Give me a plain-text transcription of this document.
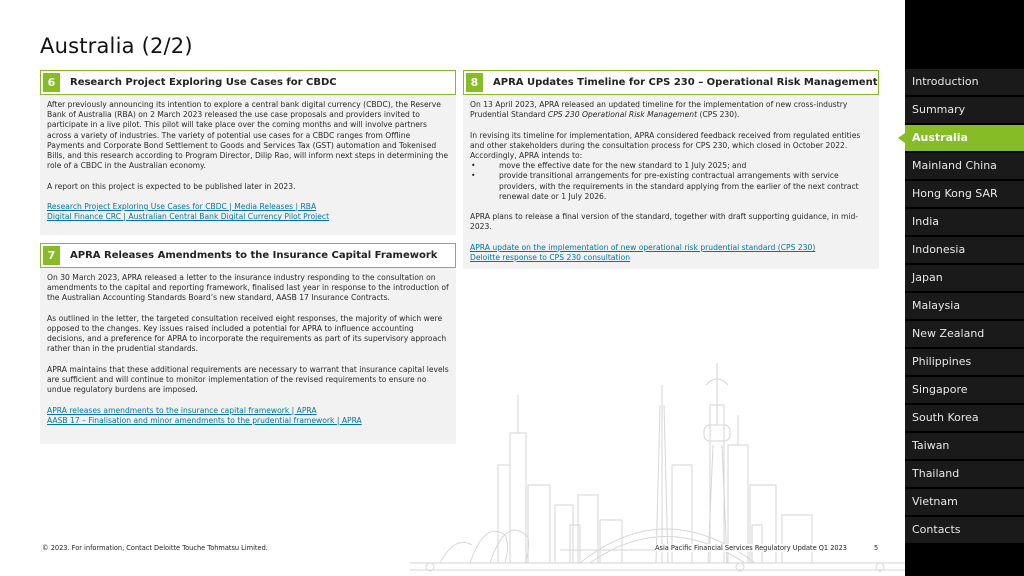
Australia (2/2)
Introduction
Summary
Australia
Mainland China
Hong Kong SAR
India
Indonesia
Japan
Malaysia
New Zealand
Philippines
Singapore
South Korea
Taiwan
Thailand
Vietnam
Contacts
6	Research Project Exploring Use Cases for CBDC

After previously announcing its intention to explore a central bank digital currency (CBDC), the Reserve Bank of Australia (RBA) on 2 March 2023 released the use case proposals and providers invited to participate in a live pilot. This pilot will take place over the coming months and will involve partners across a variety of industries. The variety of potential use cases for a CBDC ranges from Offline Payments and Corporate Bond Settlement to Goods and Services Tax (GST) automation and Tokenised Bills, and this research according to Program Director, Dilip Rao, will inform next steps in determining the role of a CBDC in the Australian economy.

A report on this project is expected to be published later in 2023.

Research Project Exploring Use Cases for CBDC | Media Releases | RBA
Digital Finance CRC | Australian Central Bank Digital Currency Pilot Project
7	APRA Releases Amendments to the Insurance Capital Framework

On 30 March 2023, APRA released a letter to the insurance industry responding to the consultation on amendments to the capital and reporting framework, finalised last year in response to the introduction of the Australian Accounting Standards Board’s new standard, AASB 17 Insurance Contracts.

As outlined in the letter, the targeted consultation received eight responses, the majority of which were opposed to the changes. Key issues raised included a potential for APRA to influence accounting decisions, and a preference for APRA to incorporate the requirements as part of its supervisory approach rather than in the prudential standards.

APRA maintains that these additional requirements are necessary to warrant that insurance capital levels are sufficient and will continue to monitor implementation of the revised requirements to ensure no undue regulatory burdens are imposed.

APRA releases amendments to the insurance capital framework | APRA
AASB 17 – Finalisation and minor amendments to the prudential framework | APRA
8	APRA Updates Timeline for CPS 230 – Operational Risk Management

On 13 April 2023, APRA released an updated timeline for the implementation of new cross-industry Prudential Standard CPS 230 Operational Risk Management (CPS 230).

In revising its timeline for implementation, APRA considered feedback received from regulated entities and other stakeholders during the consultation process for CPS 230, which closed in October 2022. Accordingly, APRA intends to:

• move the effective date for the new standard to 1 July 2025; and
• provide transitional arrangements for pre-existing contractual arrangements with service providers, with the requirements in the standard applying from the earlier of the next contract renewal date or 1 July 2026.

APRA plans to release a final version of the standard, together with draft supporting guidance, in mid-2023.

APRA update on the implementation of new operational risk prudential standard (CPS 230)
Deloitte response to CPS 230 consultation
© 2023. For information, Contact Deloitte Touche Tohmatsu Limited.	Asia Pacific Financial Services Regulatory Update Q1 2023	5
